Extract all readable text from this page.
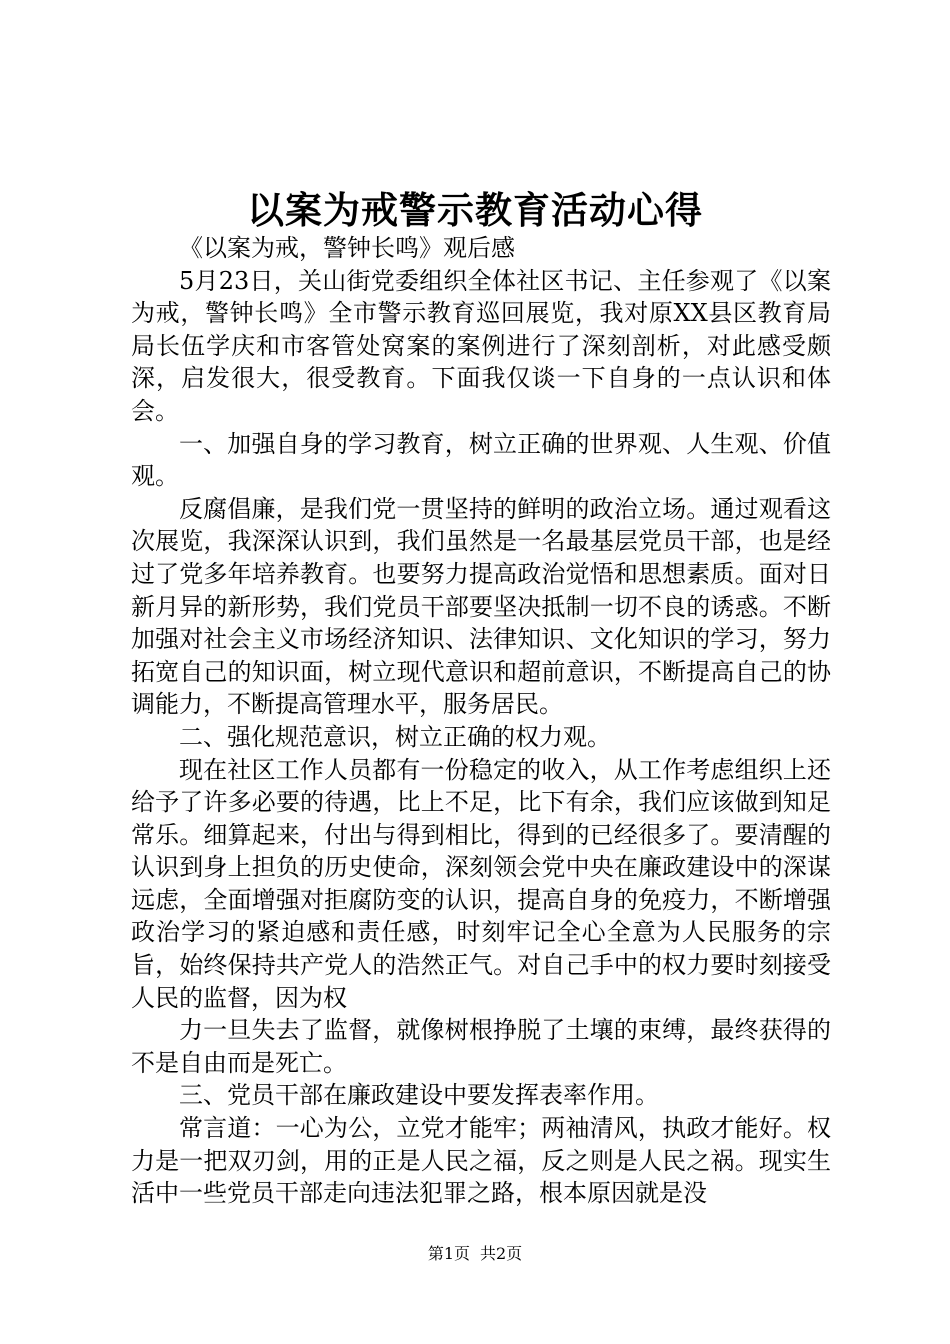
以案为戒警示教育活动心得

《以案为戒，警钟长鸣》观后感

5月23日，关山街党委组织全体社区书记、主任参观了《以案为戒，警钟长鸣》全市警示教育巡回展览，我对原XX县区教育局局长伍学庆和市客管处窝案的案例进行了深刻剖析，对此感受颇深，启发很大，很受教育。下面我仅谈一下自身的一点认识和体会。

一、加强自身的学习教育，树立正确的世界观、人生观、价值观。

反腐倡廉，是我们党一贯坚持的鲜明的政治立场。通过观看这次展览，我深深认识到，我们虽然是一名最基层党员干部，也是经过了党多年培养教育。也要努力提高政治觉悟和思想素质。面对日新月异的新形势，我们党员干部要坚决抵制一切不良的诱惑。不断加强对社会主义市场经济知识、法律知识、文化知识的学习，努力拓宽自己的知识面，树立现代意识和超前意识，不断提高自己的协调能力，不断提高管理水平，服务居民。

二、强化规范意识，树立正确的权力观。

现在社区工作人员都有一份稳定的收入，从工作考虑组织上还给予了许多必要的待遇，比上不足，比下有余，我们应该做到知足常乐。细算起来，付出与得到相比，得到的已经很多了。要清醒的认识到身上担负的历史使命，深刻领会党中央在廉政建设中的深谋远虑，全面增强对拒腐防变的认识，提高自身的免疫力，不断增强政治学习的紧迫感和责任感，时刻牢记全心全意为人民服务的宗旨，始终保持共产党人的浩然正气。对自己手中的权力要时刻接受人民的监督，因为权

力一旦失去了监督，就像树根挣脱了土壤的束缚，最终获得的不是自由而是死亡。

三、党员干部在廉政建设中要发挥表率作用。

常言道：一心为公，立党才能牢；两袖清风，执政才能好。权力是一把双刃剑，用的正是人民之福，反之则是人民之祸。现实生活中一些党员干部走向违法犯罪之路，根本原因就是没

第1页 共2页
